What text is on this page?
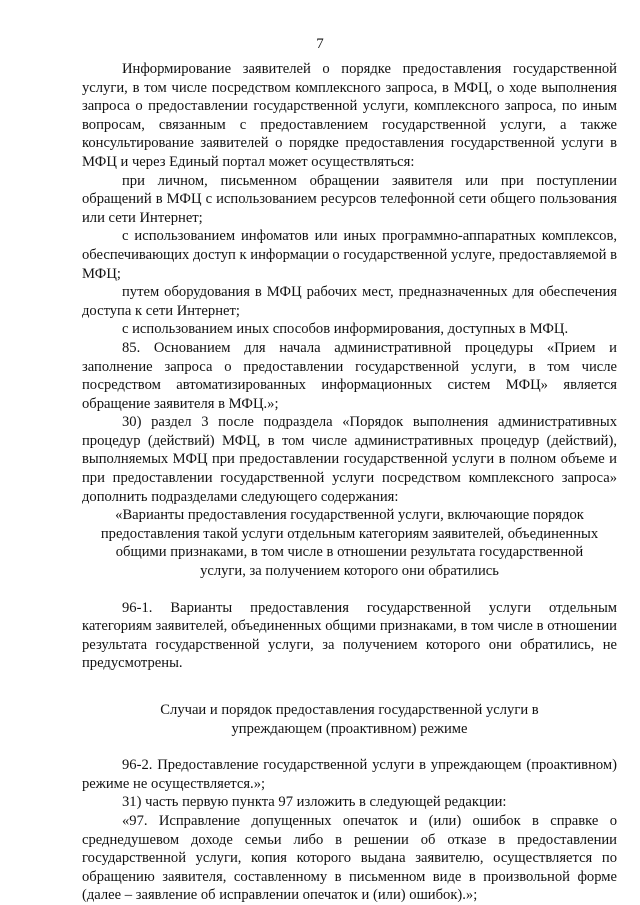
7

Информирование заявителей о порядке предоставления государственной услуги, в том числе посредством комплексного запроса, в МФЦ, о ходе выполнения запроса о предоставлении государственной услуги, комплексного запроса, по иным вопросам, связанным с предоставлением государственной услуги, а также консультирование заявителей о порядке предоставления государственной услуги в МФЦ и через Единый портал может осуществляться:

при личном, письменном обращении заявителя или при поступлении обращений в МФЦ с использованием ресурсов телефонной сети общего пользования или сети Интернет;

с использованием инфоматов или иных программно-аппаратных комплексов, обеспечивающих доступ к информации о государственной услуге, предоставляемой в МФЦ;

путем оборудования в МФЦ рабочих мест, предназначенных для обеспечения доступа к сети Интернет;

с использованием иных способов информирования, доступных в МФЦ.

85. Основанием для начала административной процедуры «Прием и заполнение запроса о предоставлении государственной услуги, в том числе посредством автоматизированных информационных систем МФЦ» является обращение заявителя в МФЦ.»;

30) раздел 3 после подраздела «Порядок выполнения административных процедур (действий) МФЦ, в том числе административных процедур (действий), выполняемых МФЦ при предоставлении государственной услуги в полном объеме и при предоставлении государственной услуги посредством комплексного запроса» дополнить подразделами следующего содержания:

«Варианты предоставления государственной услуги, включающие порядок предоставления такой услуги отдельным категориям заявителей, объединенных общими признаками, в том числе в отношении результата государственной услуги, за получением которого они обратились

96-1. Варианты предоставления государственной услуги отдельным категориям заявителей, объединенных общими признаками, в том числе в отношении результата государственной услуги, за получением которого они обратились, не предусмотрены.

Случаи и порядок предоставления государственной услуги в упреждающем (проактивном) режиме

96-2. Предоставление государственной услуги в упреждающем (проактивном) режиме не осуществляется.»;

31) часть первую пункта 97 изложить в следующей редакции:

«97. Исправление допущенных опечаток и (или) ошибок в справке о среднедушевом доходе семьи либо в решении об отказе в предоставлении государственной услуги, копия которого выдана заявителю, осуществляется по обращению заявителя, составленному в письменном виде в произвольной форме (далее – заявление об исправлении опечаток и (или) ошибок).»;
